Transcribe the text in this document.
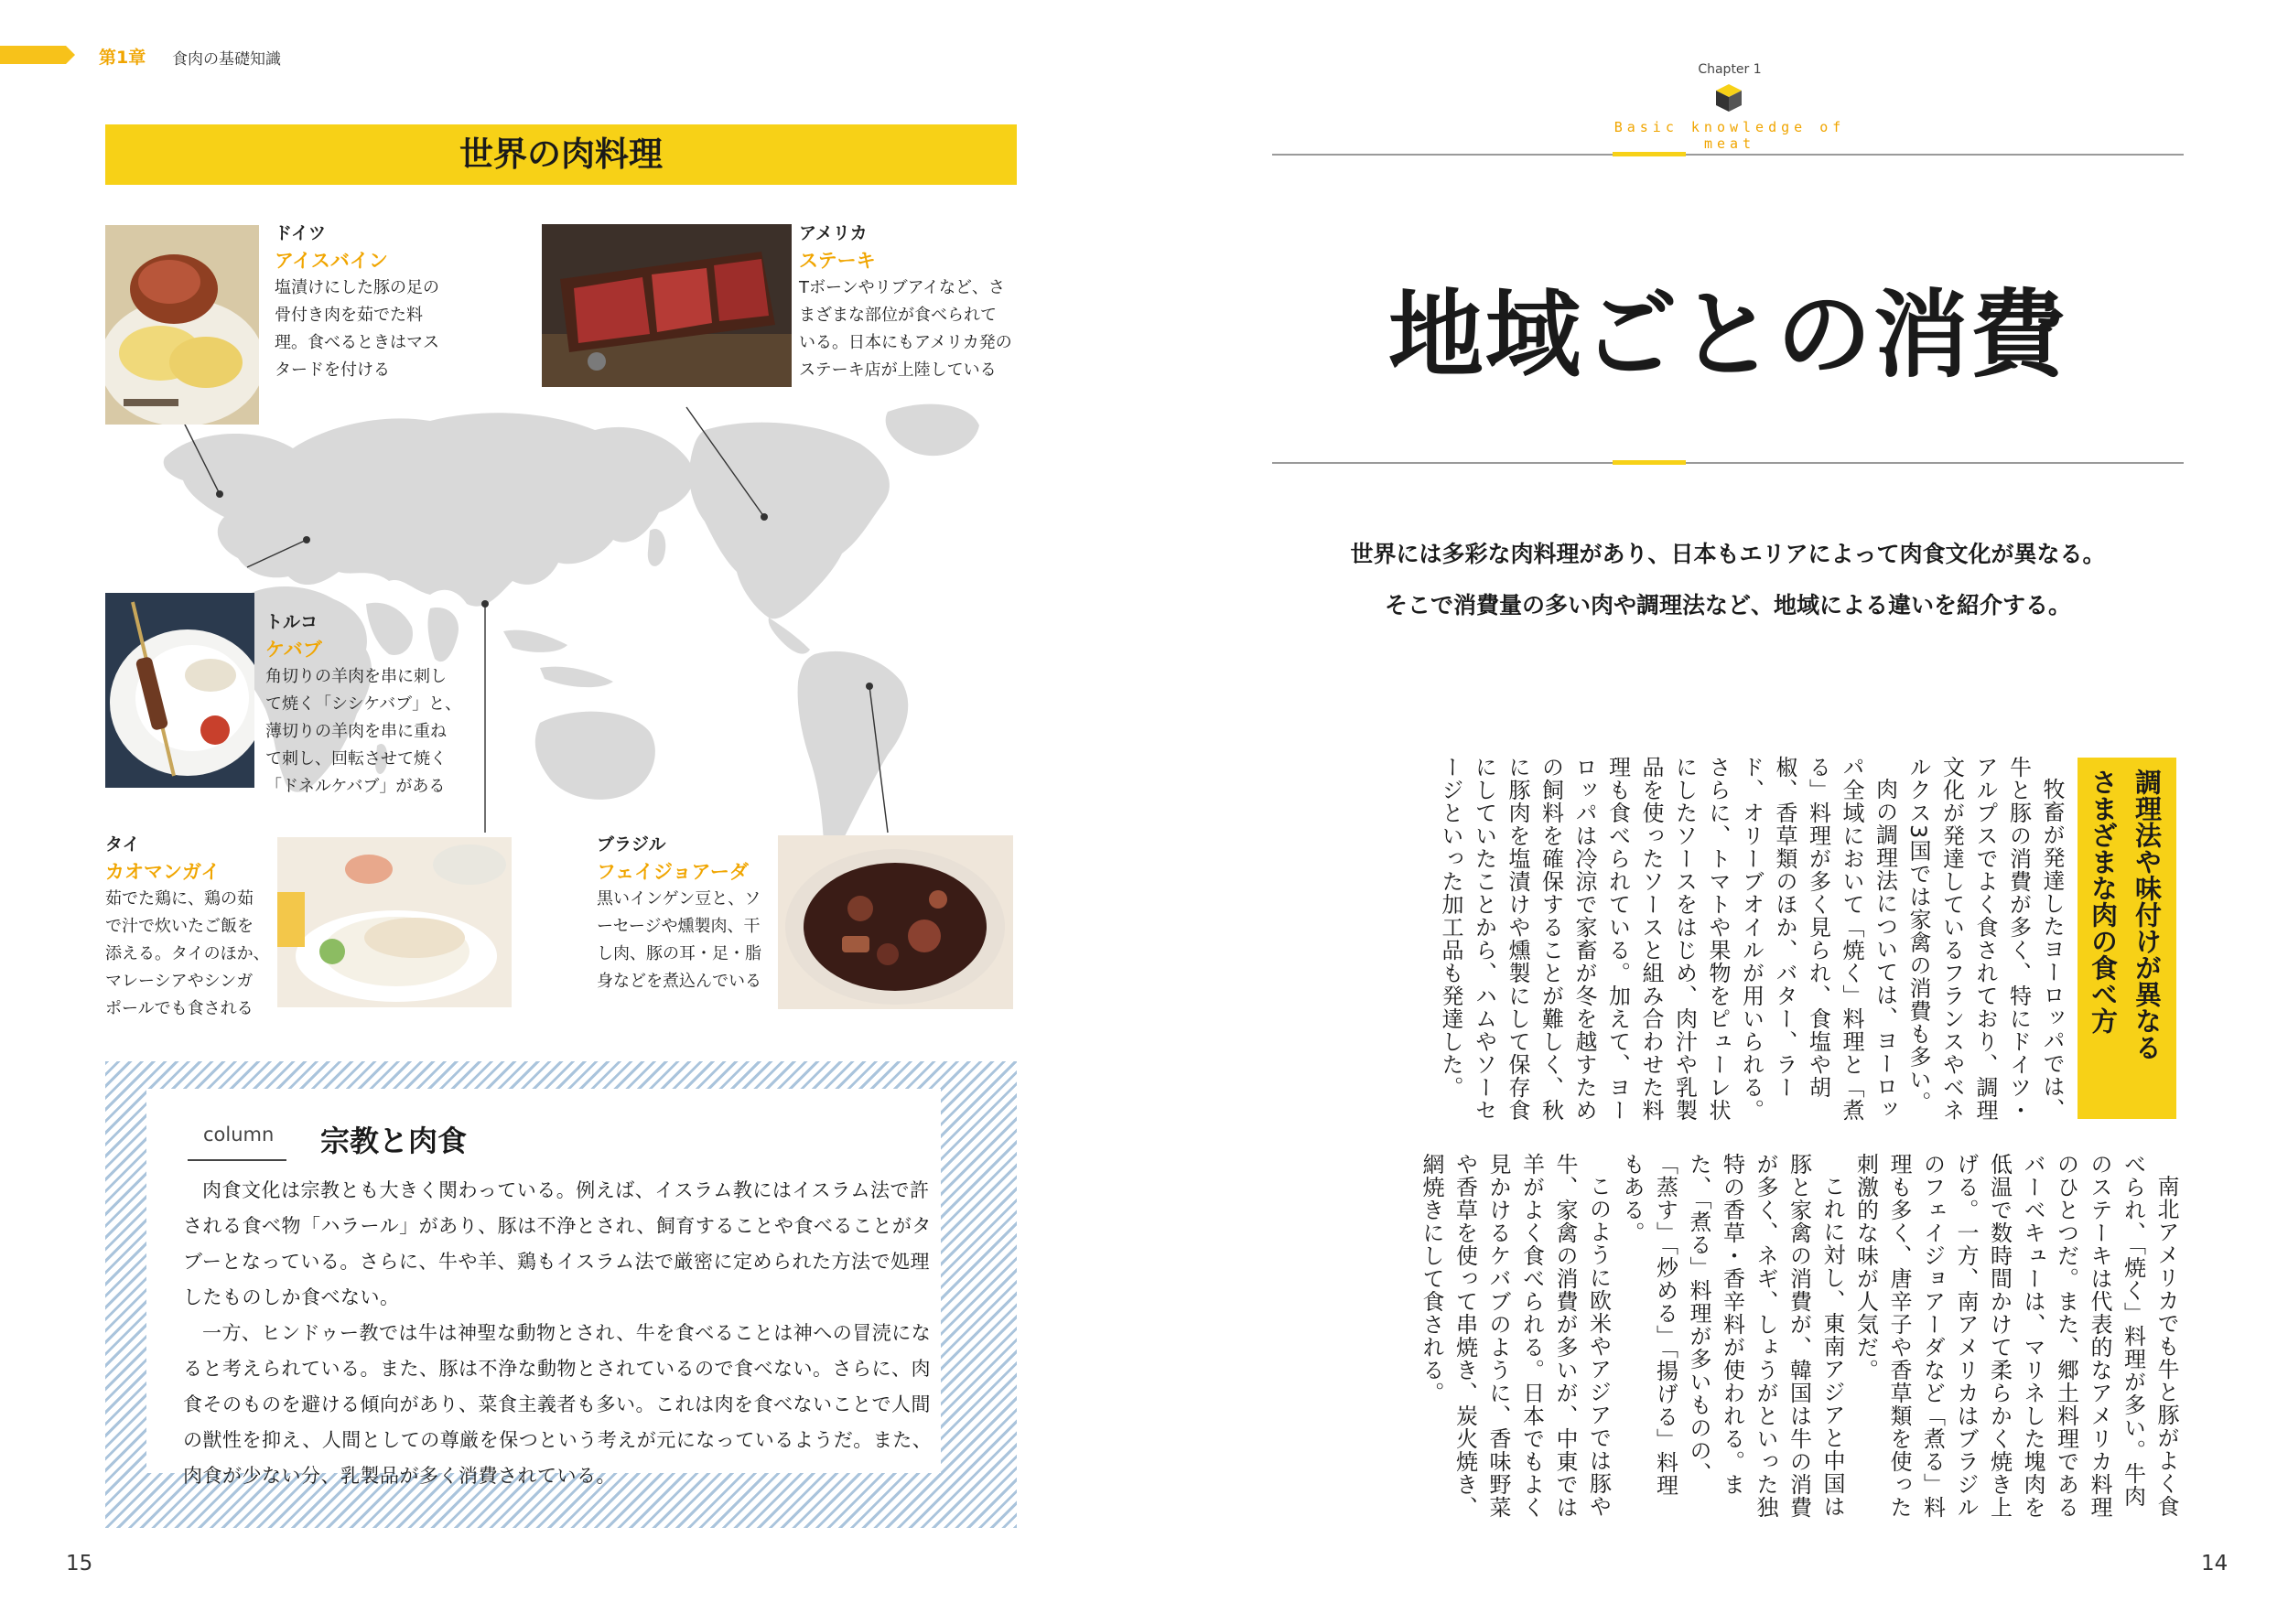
第1章 食肉の基礎知識
世界の肉料理
ドイツ
アイスバイン

塩漬けにした豚の足の

骨付き肉を茹でた料

理。食べるときはマス

タードを付ける

アメリカ
ステーキ

Tボーンやリブアイなど、さ

まざまな部位が食べられて

いる。日本にもアメリカ発の

ステーキ店が上陸している

トルコ
ケバブ

角切りの羊肉を串に刺し

て焼く「シシケバブ」と、

薄切りの羊肉を串に重ね

て刺し、回転させて焼く

「ドネルケバブ」がある

タイ
カオマンガイ

茹でた鶏に、鶏の茹

で汁で炊いたご飯を

添える。タイのほか、

マレーシアやシンガ

ポールでも食される

ブラジル
フェイジョアーダ

黒いインゲン豆と、ソ

ーセージや燻製肉、干

し肉、豚の耳・足・脂

身などを煮込んでいる

column 宗教と肉食

肉食文化は宗教とも大きく関わっている。例えば、イスラム教にはイスラム法で許される食べ物「ハラール」があり、豚は不浄とされ、飼育することや食べることがタブーとなっている。さらに、牛や羊、鶏もイスラム法で厳密に定められた方法で処理したものしか食べない。

一方、ヒンドゥー教では牛は神聖な動物とされ、牛を食べることは神への冒涜になると考えられている。また、豚は不浄な動物とされているので食べない。さらに、肉食そのものを避ける傾向があり、菜食主義者も多い。これは肉を食べないことで人間の獣性を抑え、人間としての尊厳を保つという考えが元になっているようだ。また、肉食が少ない分、乳製品が多く消費されている。

15
Chapter 1
Basic knowledge of meat
地域ごとの消費

世界には多彩な肉料理があり、日本もエリアによって肉食文化が異なる。

そこで消費量の多い肉や調理法など、地域による違いを紹介する。

調理法や味付けが異なる
さまざまな肉の食べ方
14

牧畜が発達したヨーロッパでは、牛と豚の消費が多く、特にドイツ・アルプスでよく食されており、調理文化が発達しているフランスやベネルクス3国では家禽の消費も多い。

肉の調理法については、ヨーロッパ全域において「焼く」料理と「煮る」料理が多く見られ、食塩や胡椒、香草類のほか、バター、ラード、オリーブオイルが用いられる。さらに、トマトや果物をピューレ状にしたソースをはじめ、肉汁や乳製品を使ったソースと組み合わせた料理も食べられている。加えて、ヨーロッパは冷涼で家畜が冬を越すための飼料を確保することが難しく、秋に豚肉を塩漬けや燻製にして保存食にしていたことから、ハムやソーセージといった加工品も発達した。

南北アメリカでも牛と豚がよく食べられ、「焼く」料理が多い。牛肉のステーキは代表的なアメリカ料理のひとつだ。また、郷土料理であるバーベキューは、マリネした塊肉を低温で数時間かけて柔らかく焼き上げる。一方、南アメリカはブラジルのフェイジョアーダなど「煮る」料理も多く、唐辛子や香草類を使った刺激的な味が人気だ。

これに対し、東南アジアと中国は豚と家禽の消費が、韓国は牛の消費が多く、ネギ、しょうがといった独特の香草・香辛料が使われる。また、「煮る」料理が多いものの、「蒸す」「炒める」「揚げる」料理もある。

このように欧米やアジアでは豚や牛、家禽の消費が多いが、中東では羊がよく食べられる。日本でもよく見かけるケバブのように、香味野菜や香草を使って串焼き、炭火焼き、網焼きにして食される。
